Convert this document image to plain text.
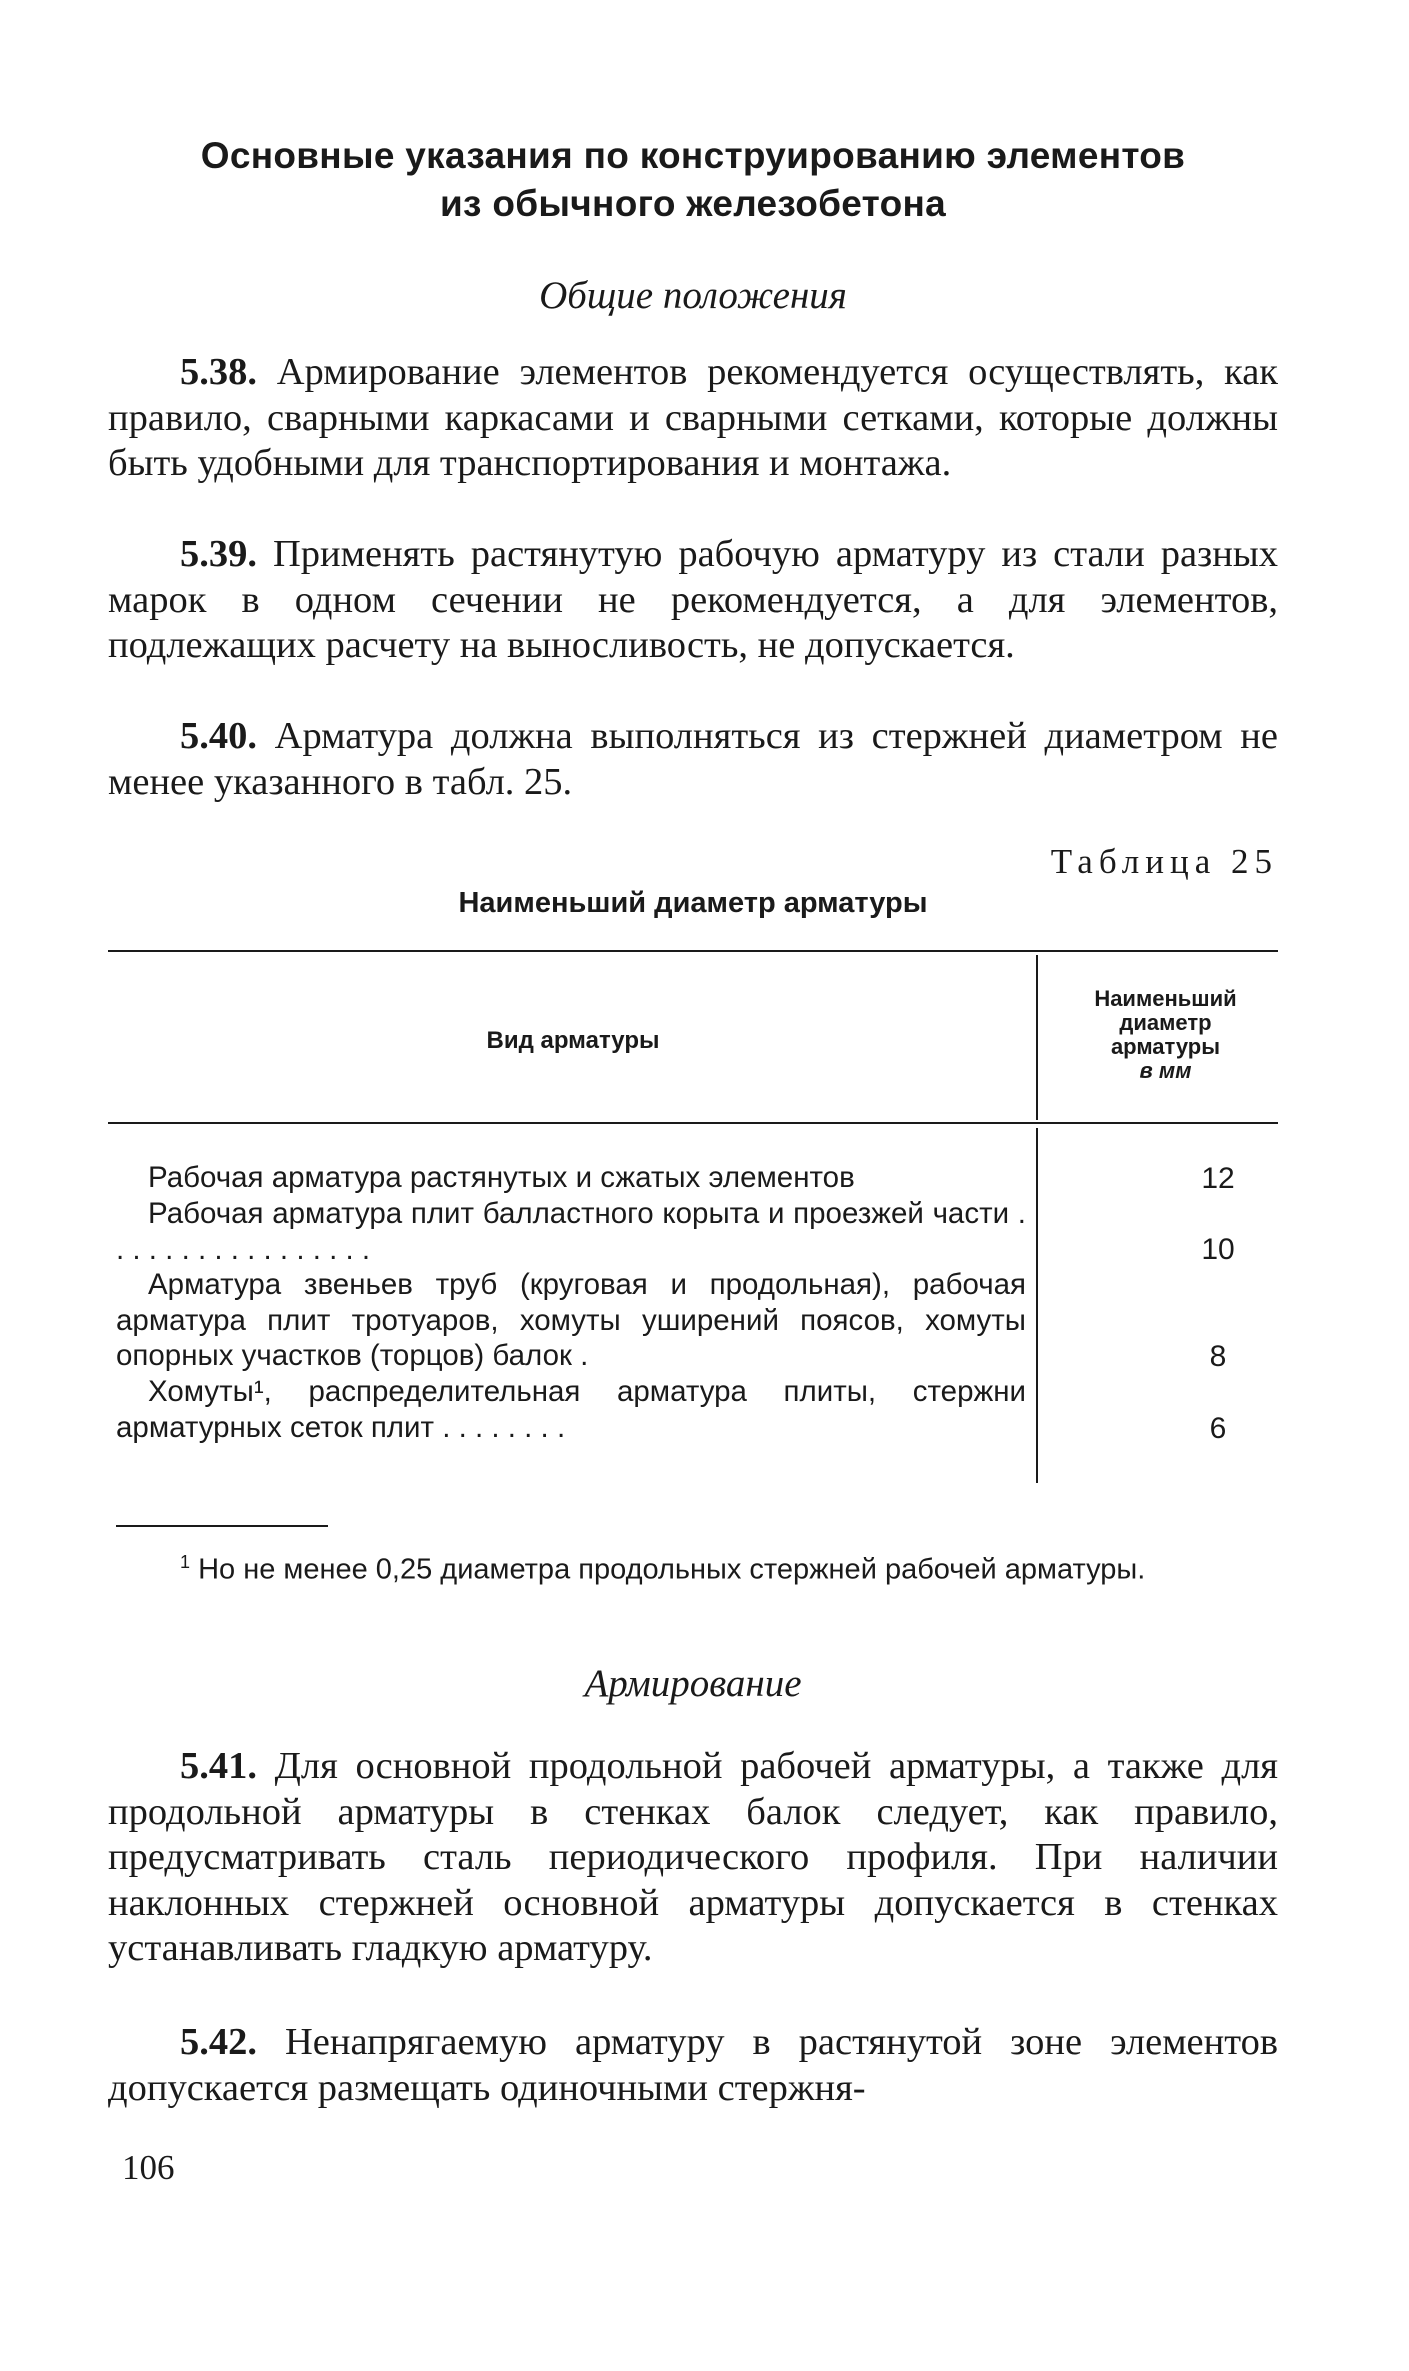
Основные указания по конструированию элементов
из обычного железобетона
Общие положения

5.38. Армирование элементов рекомендуется осуществлять, как правило, сварными каркасами и сварными сетками, которые должны быть удобными для транспортирования и монтажа.

5.39. Применять растянутую рабочую арматуру из стали разных марок в одном сечении не рекомендуется, а для элементов, подлежащих расчету на выносливость, не допускается.

5.40. Арматура должна выполняться из стержней диаметром не менее указанного в табл. 25.

Таблица 25
Наименьший диаметр арматуры
Вид арматуры
Наименьший
диаметр
арматуры
в мм

Рабочая арматура растянутых и сжатых элементов

Рабочая арматура плит балластного корыта и проезжей части . . . . . . . . . . . . . . . . .

Арматура звеньев труб (круговая и продольная), рабочая арматура плит тротуаров, хомуты уширений поясов, хомуты опорных участков (торцов) балок .

Хомуты¹, распределительная арматура плиты, стержни арматурных сеток плит . . . . . . . .

12
10
8
6

$^1$ Но не менее 0,25 диаметра продольных стержней рабочей арматуры.

Армирование

5.41. Для основной продольной рабочей арматуры, а также для продольной арматуры в стенках балок следует, как правило, предусматривать сталь периодического профиля. При наличии наклонных стержней основной арматуры допускается в стенках устанавливать гладкую арматуру.

5.42. Ненапрягаемую арматуру в растянутой зоне элементов допускается размещать одиночными стержня-

106
